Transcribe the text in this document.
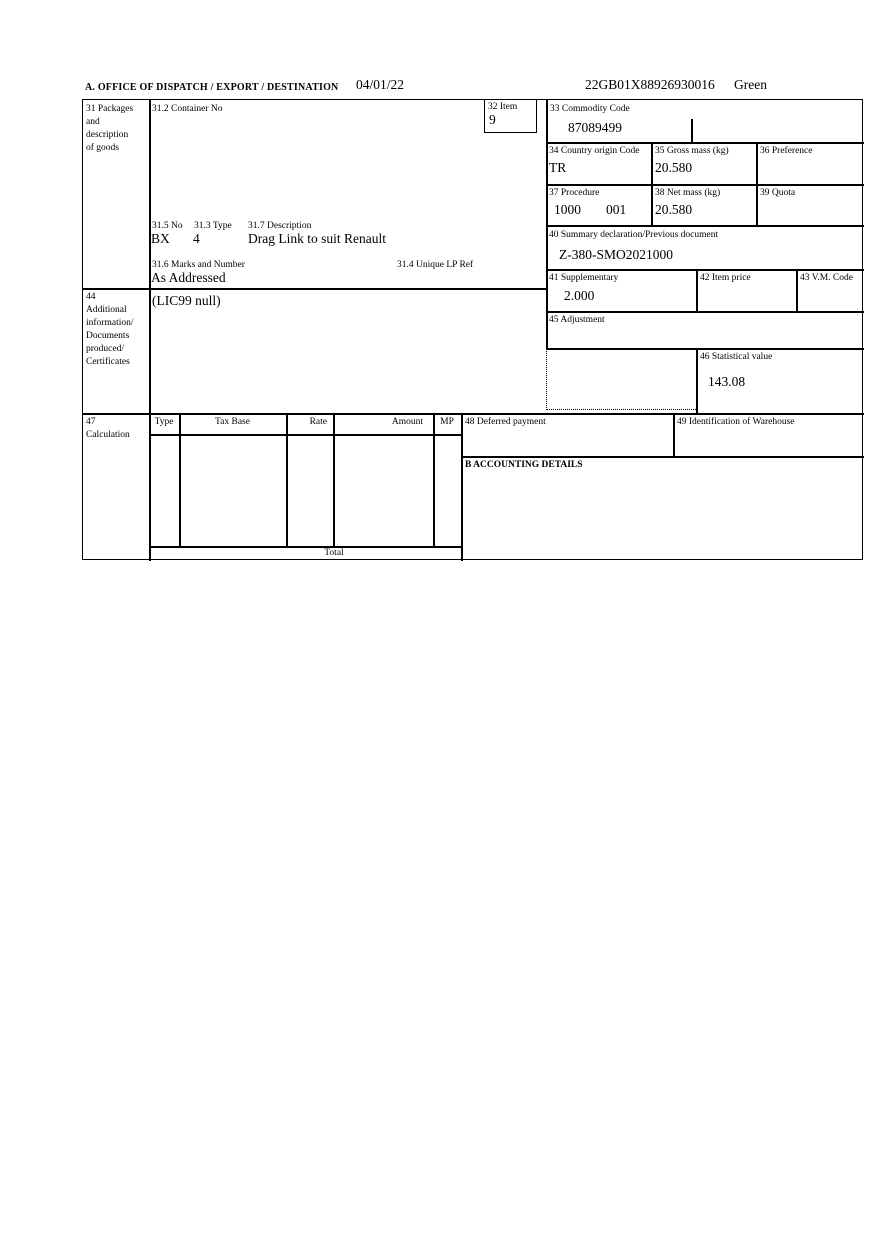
A. OFFICE OF DISPATCH / EXPORT / DESTINATION 04/01/22	22GB01X88926930016 Green
31 Packages
and
description
of goods
31.2 Container No	32 Item
9
31.5 No 31.3 Type 31.7 Description
BX 4	Drag Link to suit Renault
31.6 Marks and Number	31.4 Unique LP Ref
As Addressed
33 Commodity Code
87089499
34 Country origin Code
TR
35 Gross mass (kg)
20.580
36 Preference
37 Procedure
1000 001
38 Net mass (kg)
20.580
39 Quota
40 Summary declaration/Previous document
Z-380-SMO2021000
41 Supplementary
2.000
42 Item price	43 V.M. Code
44
Additional
information/
Documents
produced/
Certificates
(LIC99 null)
45 Adjustment
46 Statistical value
143.08
47
Calculation
Type	Tax Base	Rate	Amount	MP
Total
48 Deferred payment	49 Identification of Warehouse
B ACCOUNTING DETAILS
